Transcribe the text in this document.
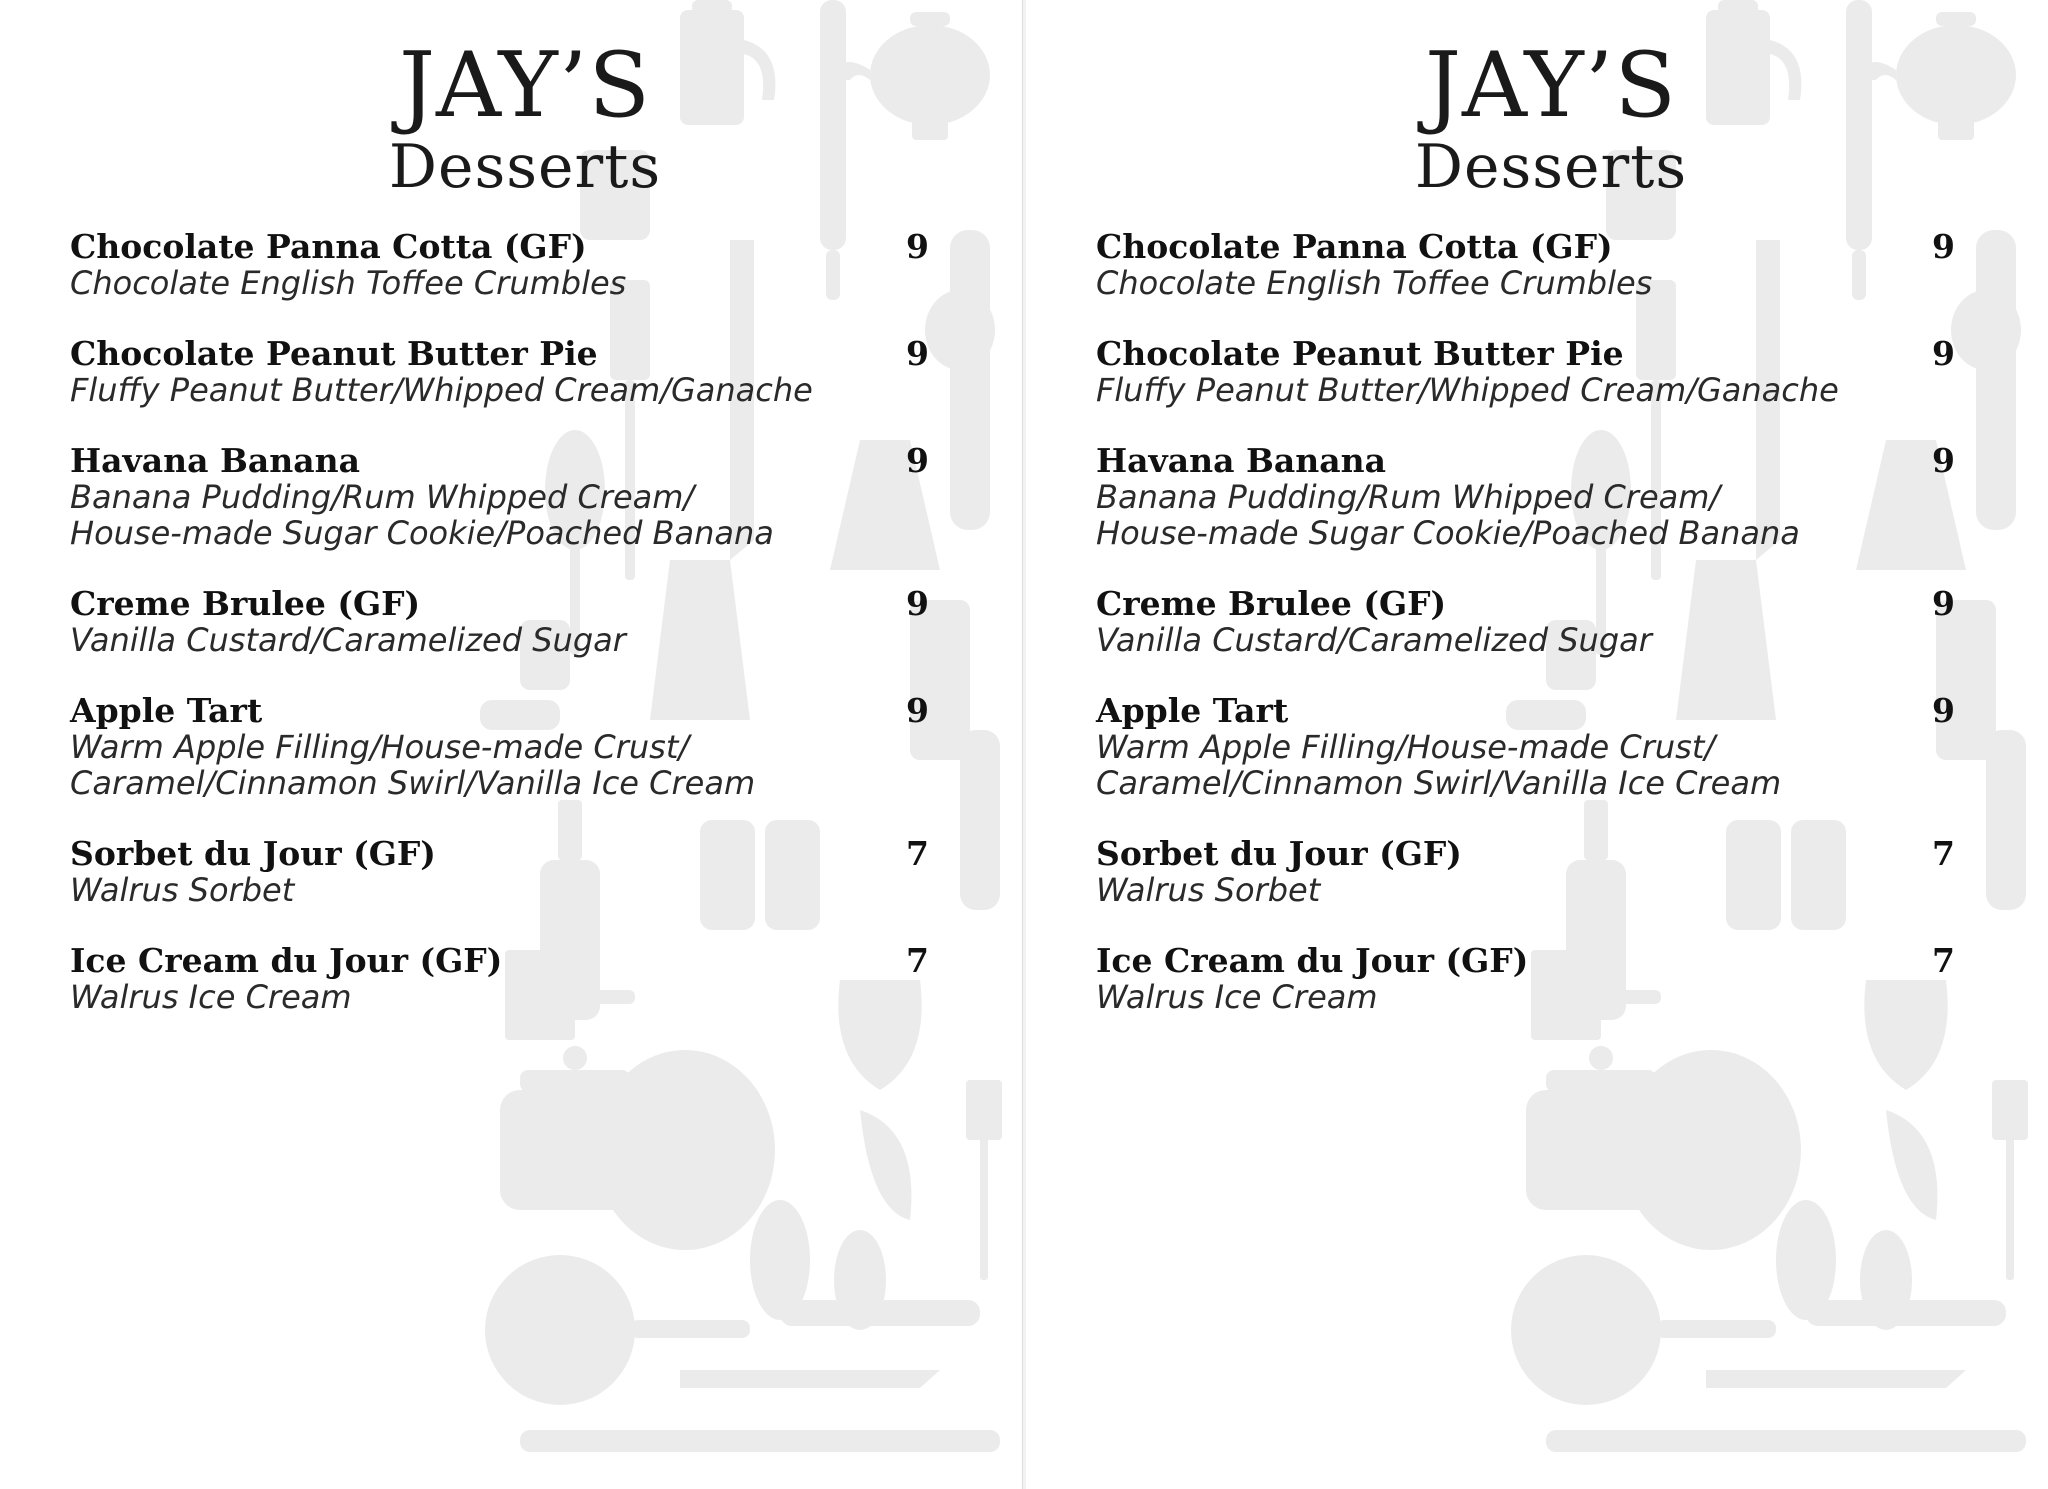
JAY’S
Desserts
Chocolate Panna Cotta (GF)
Chocolate English Toffee Crumbles
9
Chocolate Peanut Butter Pie
Fluffy Peanut Butter/Whipped Cream/Ganache
9
Havana Banana
Banana Pudding/Rum Whipped Cream/
House-made Sugar Cookie/Poached Banana
9
Creme Brulee (GF)
Vanilla Custard/Caramelized Sugar
9
Apple Tart
Warm Apple Filling/House-made Crust/
Caramel/Cinnamon Swirl/Vanilla Ice Cream
9
Sorbet du Jour (GF)
Walrus Sorbet
7
Ice Cream du Jour (GF)
Walrus Ice Cream
7
JAY’S
Desserts
Chocolate Panna Cotta (GF)
Chocolate English Toffee Crumbles
9
Chocolate Peanut Butter Pie
Fluffy Peanut Butter/Whipped Cream/Ganache
9
Havana Banana
Banana Pudding/Rum Whipped Cream/
House-made Sugar Cookie/Poached Banana
9
Creme Brulee (GF)
Vanilla Custard/Caramelized Sugar
9
Apple Tart
Warm Apple Filling/House-made Crust/
Caramel/Cinnamon Swirl/Vanilla Ice Cream
9
Sorbet du Jour (GF)
Walrus Sorbet
7
Ice Cream du Jour (GF)
Walrus Ice Cream
7
